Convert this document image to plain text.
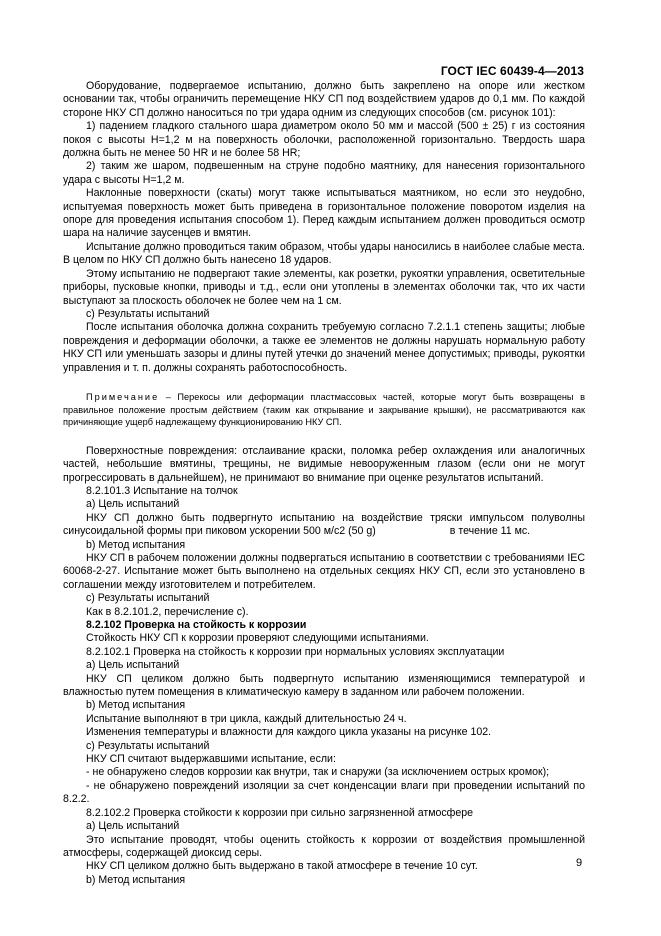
ГОСТ IEC 60439-4—2013

Оборудование, подвергаемое испытанию, должно быть закреплено на опоре или жестком основании так, чтобы ограничить перемещение НКУ СП под воздействием ударов до 0,1 мм. По каждой стороне НКУ СП должно наноситься по три удара одним из следующих способов (см. рисунок 101):

1) падением гладкого стального шара диаметром около 50 мм и массой (500 ± 25) г из состояния покоя с высоты H=1,2 м на поверхность оболочки, расположенной горизонтально. Твердость шара должна быть не менее 50 HR и не более 58 HR;

2) таким же шаром, подвешенным на струне подобно маятнику, для нанесения горизонтального удара с высоты H=1,2 м.

Наклонные поверхности (скаты) могут также испытываться маятником, но если это неудобно, испытуемая поверхность может быть приведена в горизонтальное положение поворотом изделия на опоре для проведения испытания способом 1). Перед каждым испытанием должен проводиться осмотр шара на наличие заусенцев и вмятин.

Испытание должно проводиться таким образом, чтобы удары наносились в наиболее слабые места. В целом по НКУ СП должно быть нанесено 18 ударов.

Этому испытанию не подвергают такие элементы, как розетки, рукоятки управления, осветительные приборы, пусковые кнопки, приводы и т.д., если они утоплены в элементах оболочки так, что их части выступают за плоскость оболочек не более чем на 1 см.

c) Результаты испытаний

После испытания оболочка должна сохранить требуемую согласно 7.2.1.1 степень защиты; любые повреждения и деформации оболочки, а также ее элементов не должны нарушать нормальную работу НКУ СП или уменьшать зазоры и длины путей утечки до значений менее допустимых; приводы, рукоятки управления и т. п. должны сохранять работоспособность.

Примечание – Перекосы или деформации пластмассовых частей, которые могут быть возвращены в правильное положение простым действием (таким как открывание и закрывание крышки), не рассматриваются как причиняющие ущерб надлежащему функционированию НКУ СП.

Поверхностные повреждения: отслаивание краски, поломка ребер охлаждения или аналогичных частей, небольшие вмятины, трещины, не видимые невооруженным глазом (если они не могут прогрессировать в дальнейшем), не принимают во внимание при оценке результатов испытаний.

8.2.101.3 Испытание на толчок

a) Цель испытаний

НКУ СП должно быть подвергнуто испытанию на воздействие тряски импульсом полуволны синусоидальной формы при пиковом ускорении 500 м/с2 (50 g)	в течение 11 мс.

b) Метод испытания

НКУ СП в рабочем положении должны подвергаться испытанию в соответствии с требованиями IEC 60068-2-27. Испытание может быть выполнено на отдельных секциях НКУ СП, если это установлено в соглашении между изготовителем и потребителем.

c) Результаты испытаний

Как в 8.2.101.2, перечисление с).

8.2.102 Проверка на стойкость к коррозии

Стойкость НКУ СП к коррозии проверяют следующими испытаниями.

8.2.102.1 Проверка на стойкость к коррозии при нормальных условиях эксплуатации

a) Цель испытаний

НКУ СП целиком должно быть подвергнуто испытанию изменяющимися температурой и влажностью путем помещения в климатическую камеру в заданном или рабочем положении.

b) Метод испытания

Испытание выполняют в три цикла, каждый длительностью 24 ч.

Изменения температуры и влажности для каждого цикла указаны на рисунке 102.

c) Результаты испытаний

НКУ СП считают выдержавшими испытание, если:

- не обнаружено следов коррозии как внутри, так и снаружи (за исключением острых кромок);

- не обнаружено повреждений изоляции за счет конденсации влаги при проведении испытаний по 8.2.2.

8.2.102.2 Проверка стойкости к коррозии при сильно загрязненной атмосфере

a) Цель испытаний

Это испытание проводят, чтобы оценить стойкость к коррозии от воздействия промышленной атмосферы, содержащей диоксид серы.

НКУ СП целиком должно быть выдержано в такой атмосфере в течение 10 сут.

b) Метод испытания

9
